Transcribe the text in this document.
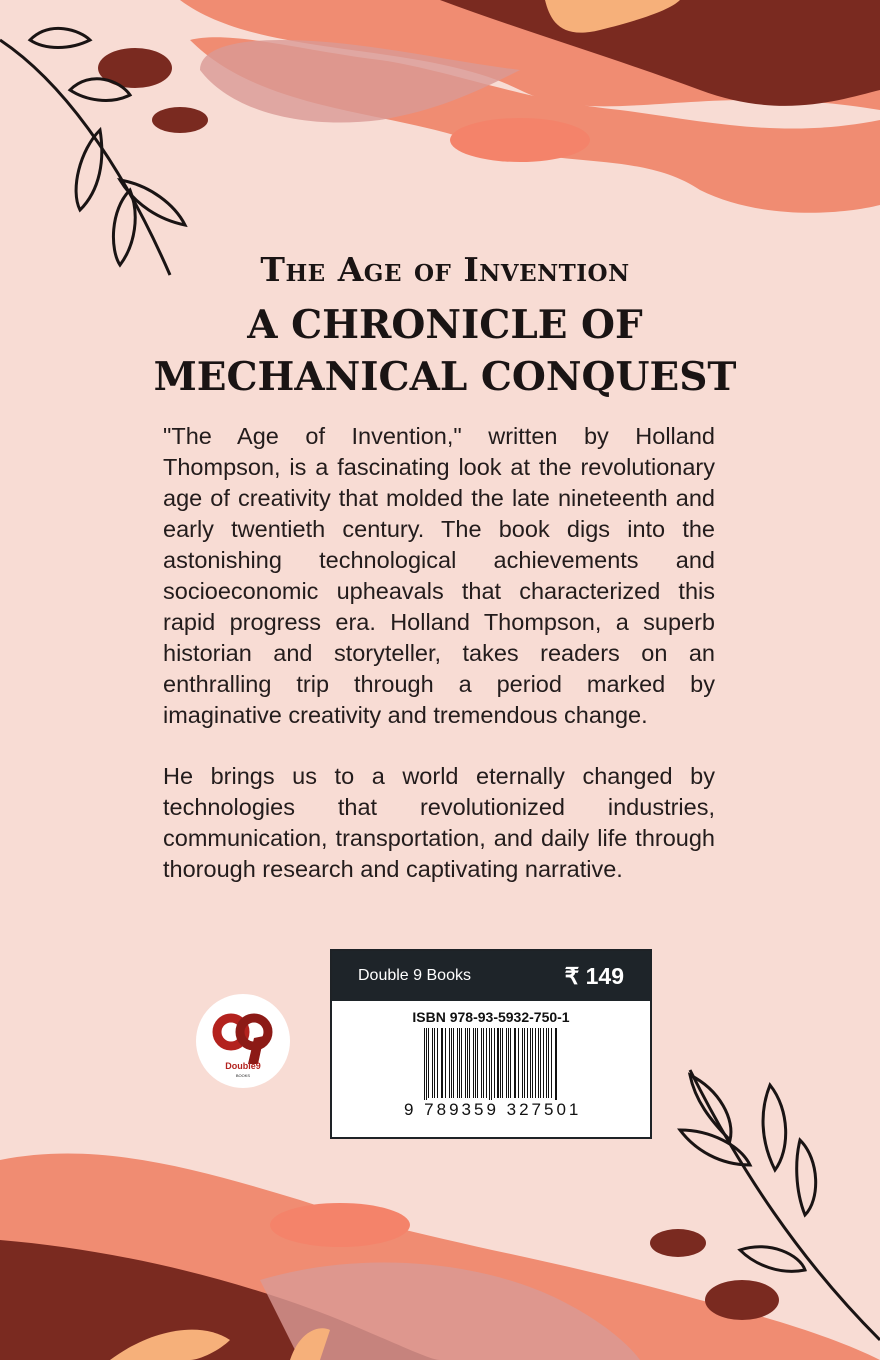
The Age of Invention
A CHRONICLE OF
MECHANICAL CONQUEST
"The Age of Invention," written by Holland Thompson, is a fascinating look at the revolutionary age of creativity that molded the late nineteenth and early twentieth century. The book digs into the astonishing technological achievements and socioeconomic upheavals that characterized this rapid progress era. Holland Thompson, a superb historian and storyteller, takes readers on an enthralling trip through a period marked by imaginative creativity and tremendous change.
He brings us to a world eternally changed by technologies that revolutionized industries, communication, transportation, and daily life through thorough research and captivating narrative.
Double9
BOOKS
Double 9 Books	₹ 149
ISBN 978-93-5932-750-1
9 789359 327501
